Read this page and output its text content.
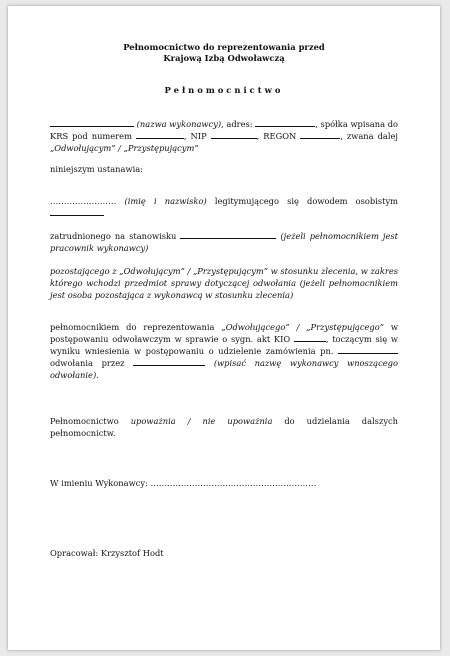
Pełnomocnictwo do reprezentowania przed
Krajową Izbą Odwoławczą
Pełnomocnictwo

(nazwa wykonawcy), adres:	, spółka wpisana do KRS pod numerem	, NIP	, REGON	, zwana dalej „Odwołującym” / „Przystępującym”

niniejszym ustanawia:

…………………… (imię i nazwisko) legitymującego się dowodem osobistym

zatrudnionego na stanowisku	(jeżeli pełnomocnikiem jest pracownik wykonawcy)

pozostającego z „Odwołującym” / „Przystępującym” w stosunku zlecenia, w zakres którego wchodzi przedmiot sprawy dotyczącej odwołania (jeżeli pełnomocnikiem jest osoba pozostająca z wykonawcą w stosunku zlecenia)

pełnomocnikiem do reprezentowania „Odwołującego” / „Przystępującego” w postępowaniu odwoławczym w sprawie o sygn. akt KIO	, toczącym się w wyniku wniesienia w postępowaniu o udzielenie zamówienia pn.  odwołania przez	(wpisać nazwę wykonawcy wnoszącego odwołanie).

Pełnomocnictwo upoważnia / nie upoważnia do udzielania dalszych pełnomocnictw.

W imieniu Wykonawcy: ……………………………………………………

Opracował: Krzysztof Hodt
